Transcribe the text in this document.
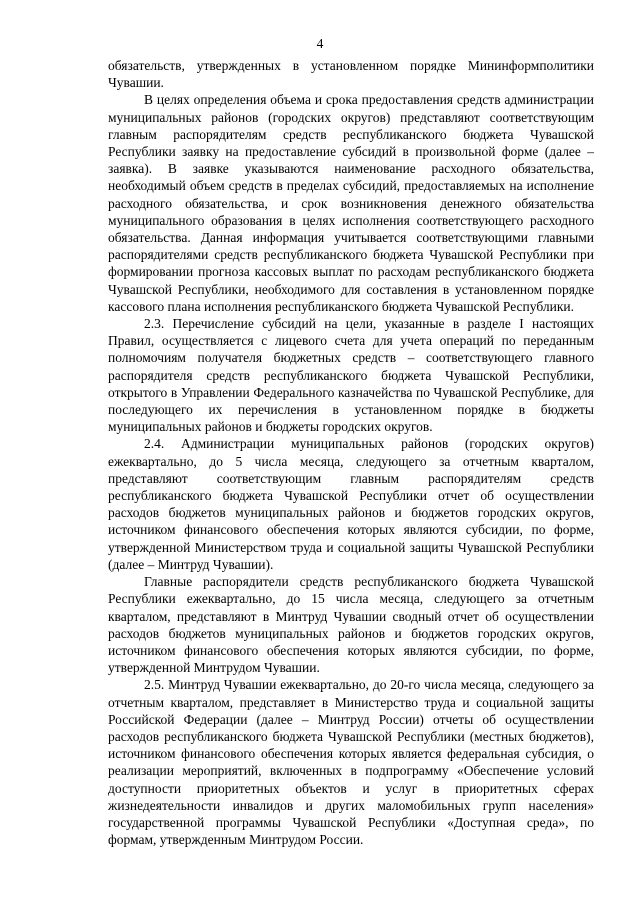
4

обязательств, утвержденных в установленном порядке Мининформполитики Чувашии.

В целях определения объема и срока предоставления средств администрации муниципальных районов (городских округов) представляют соответствующим главным распорядителям средств республиканского бюджета Чувашской Республики заявку на предоставление субсидий в произвольной форме (далее – заявка). В заявке указываются наименование расходного обязательства, необходимый объем средств в пределах субсидий, предоставляемых на исполнение расходного обязательства, и срок возникновения денежного обязательства муниципального образования в целях исполнения соответствующего расходного обязательства. Данная информация учитывается соответствующими главными распорядителями средств республиканского бюджета Чувашской Республики при формировании прогноза кассовых выплат по расходам республиканского бюджета Чувашской Республики, необходимого для составления в установленном порядке кассового плана исполнения республиканского бюджета Чувашской Республики.

2.3. Перечисление субсидий на цели, указанные в разделе I настоящих Правил, осуществляется с лицевого счета для учета операций по переданным полномочиям получателя бюджетных средств – соответствующего главного распорядителя средств республиканского бюджета Чувашской Республики, открытого в Управлении Федерального казначейства по Чувашской Республике, для последующего их перечисления в установленном порядке в бюджеты муниципальных районов и бюджеты городских округов.

2.4. Администрации муниципальных районов (городских округов) ежеквартально, до 5 числа месяца, следующего за отчетным кварталом, представляют соответствующим главным распорядителям средств республиканского бюджета Чувашской Республики отчет об осуществлении расходов бюджетов муниципальных районов и бюджетов городских округов, источником финансового обеспечения которых являются субсидии, по форме, утвержденной Министерством труда и социальной защиты Чувашской Республики (далее – Минтруд Чувашии).

Главные распорядители средств республиканского бюджета Чувашской Республики ежеквартально, до 15 числа месяца, следующего за отчетным кварталом, представляют в Минтруд Чувашии сводный отчет об осуществлении расходов бюджетов муниципальных районов и бюджетов городских округов, источником финансового обеспечения которых являются субсидии, по форме, утвержденной Минтрудом Чувашии.

2.5. Минтруд Чувашии ежеквартально, до 20-го числа месяца, следующего за отчетным кварталом, представляет в Министерство труда и социальной защиты Российской Федерации (далее – Минтруд России) отчеты об осуществлении расходов республиканского бюджета Чувашской Республики (местных бюджетов), источником финансового обеспечения которых является федеральная субсидия, о реализации мероприятий, включенных в подпрограмму «Обеспечение условий доступности приоритетных объектов и услуг в приоритетных сферах жизнедеятельности инвалидов и других маломобильных групп населения» государственной программы Чувашской Республики «Доступная среда», по формам, утвержденным Минтрудом России.
